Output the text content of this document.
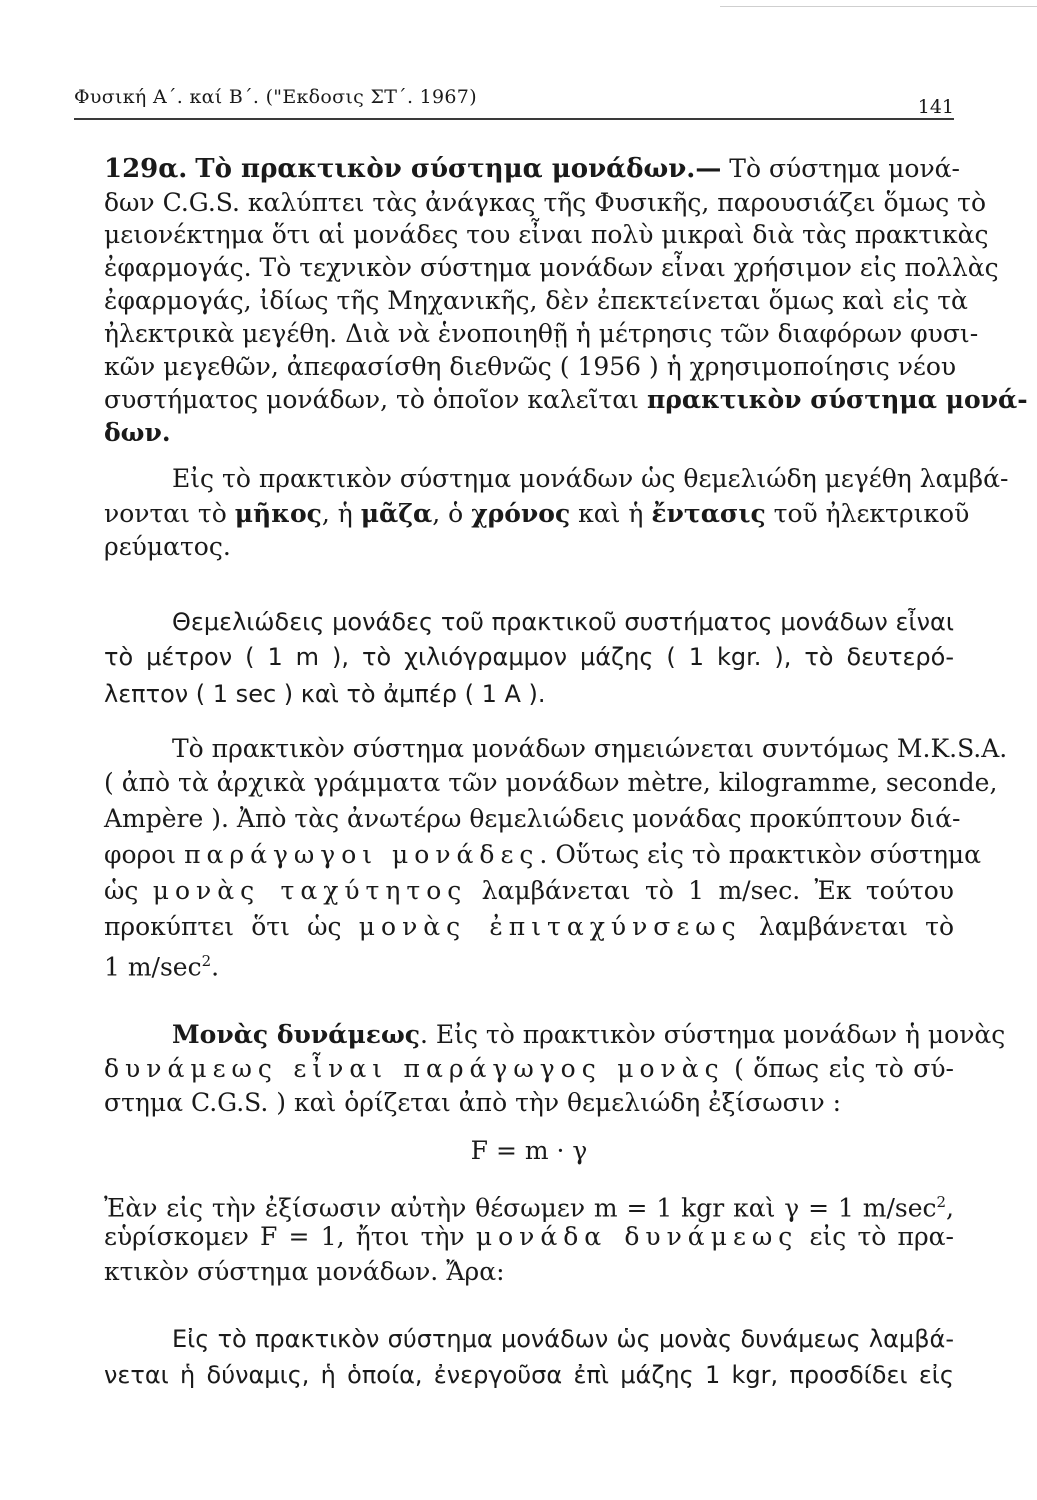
Φυσική Α΄. καί Β΄. ("Εκδοσις ΣΤ΄. 1967)	141
129α. Τὸ πρακτικὸν σύστημα μονάδων.— Τὸ σύστημα μονά-
δων C.G.S. καλύπτει τὰς ἀνάγκας τῆς Φυσικῆς, παρουσιάζει ὅμως τὸ
μειονέκτημα ὅτι αἱ μονάδες του εἶναι πολὺ μικραὶ διὰ τὰς πρακτικὰς
ἐφαρμογάς. Τὸ τεχνικὸν σύστημα μονάδων εἶναι χρήσιμον εἰς πολλὰς
ἐφαρμογάς, ἰδίως τῆς Μηχανικῆς, δὲν ἐπεκτείνεται ὅμως καὶ εἰς τὰ
ἠλεκτρικὰ μεγέθη. Διὰ νὰ ἑνοποιηθῇ ἡ μέτρησις τῶν διαφόρων φυσι-
κῶν μεγεθῶν, ἀπεφασίσθη διεθνῶς ( 1956 ) ἡ χρησιμοποίησις νέου
συστήματος μονάδων, τὸ ὁποῖον καλεῖται πρακτικὸν σύστημα μονά-
δων.
Εἰς τὸ πρακτικὸν σύστημα μονάδων ὡς θεμελιώδη μεγέθη λαμβά-
νονται τὸ μῆκος, ἡ μᾶζα, ὁ χρόνος καὶ ἡ ἔντασις τοῦ ἠλεκτρικοῦ
ρεύματος.
Θεμελιώδεις μονάδες τοῦ πρακτικοῦ συστήματος μονάδων εἶναι
τὸ μέτρον ( 1 m ), τὸ χιλιόγραμμον μάζης ( 1 kgr. ), τὸ δευτερό-
λεπτον ( 1 sec ) καὶ τὸ ἀμπέρ ( 1 A ).
Τὸ πρακτικὸν σύστημα μονάδων σημειώνεται συντόμως M.K.S.A.
( ἀπὸ τὰ ἀρχικὰ γράμματα τῶν μονάδων mètre, kilogramme, seconde,
Ampère ). Ἀπὸ τὰς ἀνωτέρω θεμελιώδεις μονάδας προκύπτουν διά-
φοροι παράγωγοι μονάδες. Οὕτως εἰς τὸ πρακτικὸν σύστημα
ὡς μονὰς ταχύτητος λαμβάνεται τὸ 1 m/sec. Ἐκ τούτου
προκύπτει ὅτι ὡς μονὰς ἐπιταχύνσεως λαμβάνεται τὸ
1 $m/\sec^2$.
Μονὰς δυνάμεως. Εἰς τὸ πρακτικὸν σύστημα μονάδων ἡ μονὰς
δυνάμεως εἶναι παράγωγος μονὰς ( ὅπως εἰς τὸ σύ-
στημα C.G.S. ) καὶ ὁρίζεται ἀπὸ τὴν θεμελιώδη ἐξίσωσιν :
F = m · γ
Ἐὰν εἰς τὴν ἐξίσωσιν αὐτὴν θέσωμεν m = 1 kgr καὶ γ = 1 $m/\sec^2$,
εὑρίσκομεν F = 1, ἤτοι τὴν μονάδα δυνάμεως εἰς τὸ πρα-
κτικὸν σύστημα μονάδων. Ἄρα:
Εἰς τὸ πρακτικὸν σύστημα μονάδων ὡς μονὰς δυνάμεως λαμβά-
νεται ἡ δύναμις, ἡ ὁποία, ἐνεργοῦσα ἐπὶ μάζης 1 kgr, προσδίδει εἰς
